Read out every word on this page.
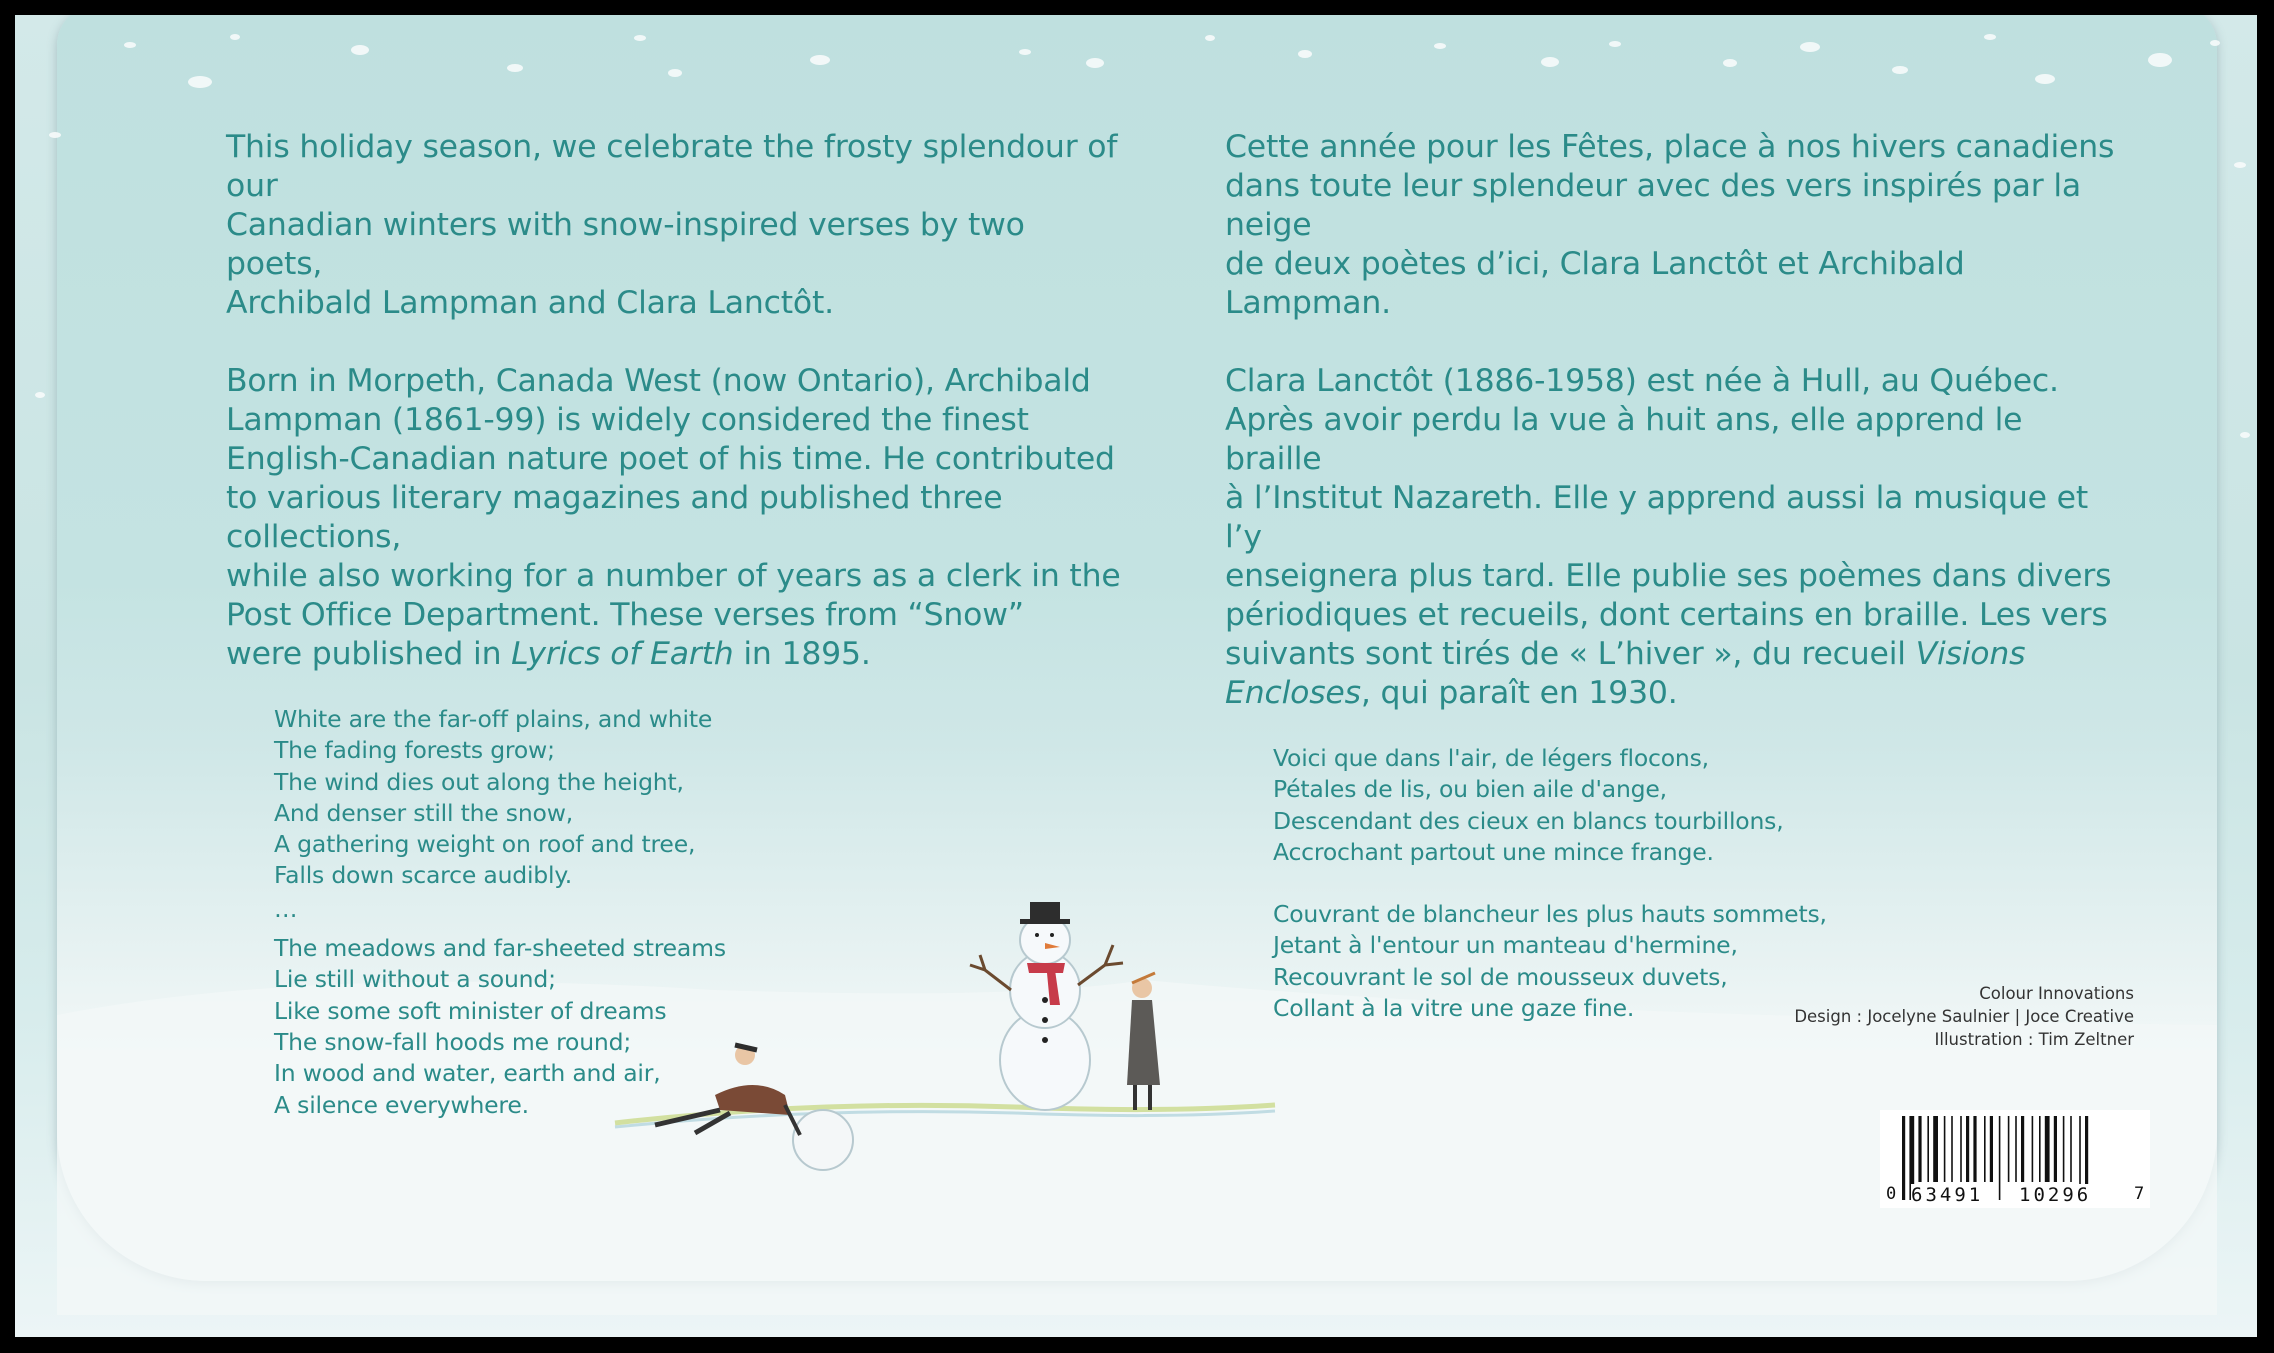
This holiday season, we celebrate the frosty splendour of our
Canadian winters with snow-inspired verses by two poets,
Archibald Lampman and Clara Lanctôt.

Born in Morpeth, Canada West (now Ontario), Archibald
Lampman (1861-99) is widely considered the finest
English-Canadian nature poet of his time. He contributed
to various literary magazines and published three collections,
while also working for a number of years as a clerk in the
Post Office Department. These verses from “Snow”
were published in Lyrics of Earth in 1895.

White are the far-off plains, and white
The fading forests grow;
The wind dies out along the height,
And denser still the snow,
A gathering weight on roof and tree,
Falls down scarce audibly.

…

The meadows and far-sheeted streams
Lie still without a sound;
Like some soft minister of dreams
The snow-fall hoods me round;
In wood and water, earth and air,
A silence everywhere.

Cette année pour les Fêtes, place à nos hivers canadiens
dans toute leur splendeur avec des vers inspirés par la neige
de deux poètes d’ici, Clara Lanctôt et Archibald Lampman.

Clara Lanctôt (1886-1958) est née à Hull, au Québec.
Après avoir perdu la vue à huit ans, elle apprend le braille
à l’Institut Nazareth. Elle y apprend aussi la musique et l’y
enseignera plus tard. Elle publie ses poèmes dans divers
périodiques et recueils, dont certains en braille. Les vers
suivants sont tirés de « L’hiver », du recueil Visions
Encloses, qui paraît en 1930.

Voici que dans l'air, de légers flocons,
Pétales de lis, ou bien aile d'ange,
Descendant des cieux en blancs tourbillons,
Accrochant partout une mince frange.

Couvrant de blancheur les plus hauts sommets,
Jetant à l'entour un manteau d'hermine,
Recouvrant le sol de mousseux duvets,
Collant à la vitre une gaze fine.

Colour Innovations
Design : Jocelyne Saulnier | Joce Creative
Illustration : Tim Zeltner
0 63491 10296	7
